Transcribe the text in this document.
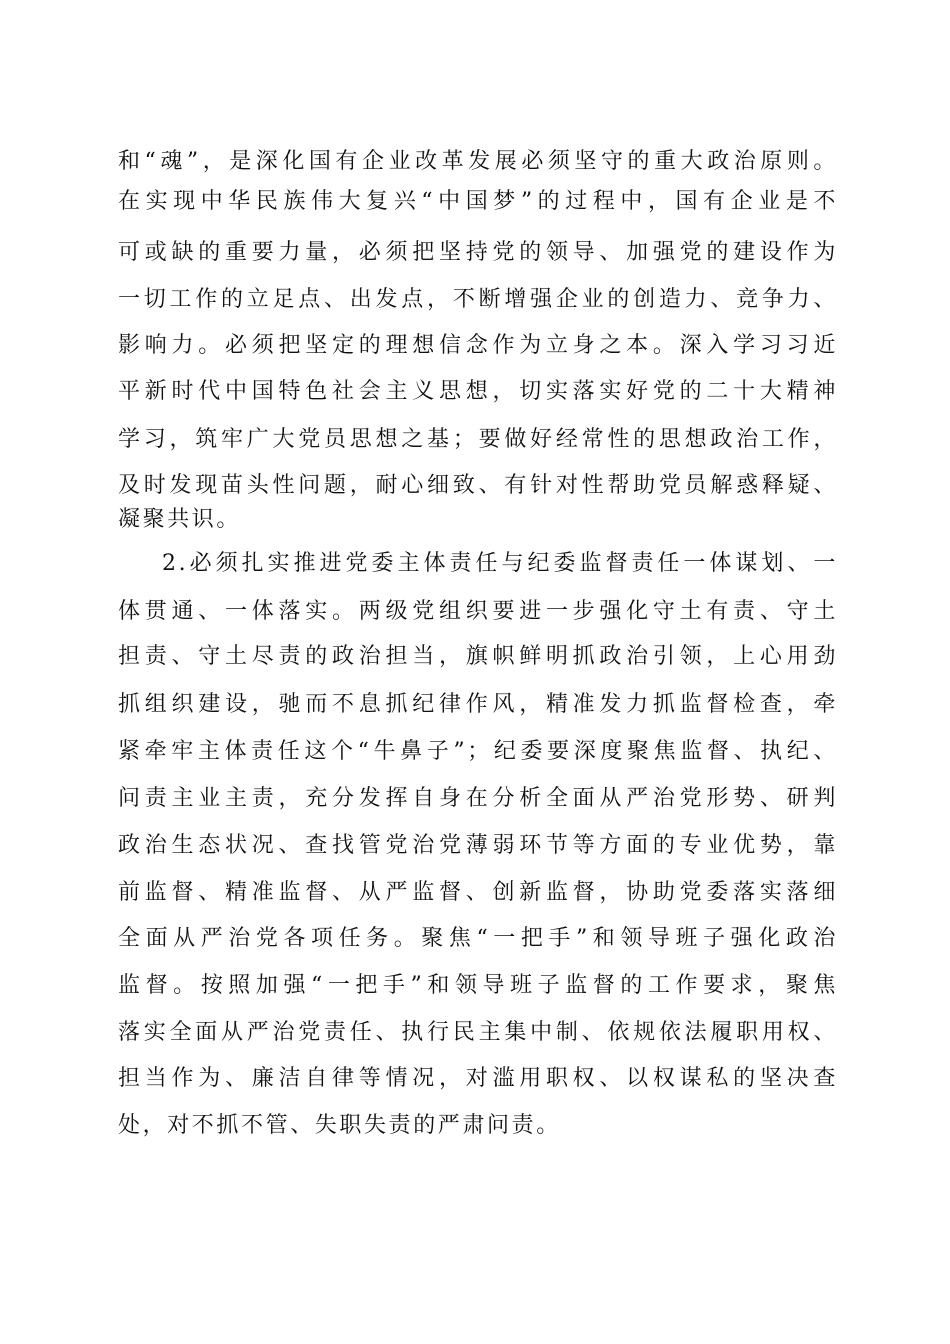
和“魂”，是深化国有企业改革发展必须坚守的重大政治原则。
在实现中华民族伟大复兴“中国梦”的过程中，国有企业是不
可或缺的重要力量，必须把坚持党的领导、加强党的建设作为
一切工作的立足点、出发点，不断增强企业的创造力、竞争力、
影响力。必须把坚定的理想信念作为立身之本。深入学习习近
平新时代中国特色社会主义思想，切实落实好党的二十大精神
学习，筑牢广大党员思想之基；要做好经常性的思想政治工作，
及时发现苗头性问题，耐心细致、有针对性帮助党员解惑释疑、
凝聚共识。
2.必须扎实推进党委主体责任与纪委监督责任一体谋划、一
体贯通、一体落实。两级党组织要进一步强化守土有责、守土
担责、守土尽责的政治担当，旗帜鲜明抓政治引领，上心用劲
抓组织建设，驰而不息抓纪律作风，精准发力抓监督检查，牵
紧牵牢主体责任这个“牛鼻子”；纪委要深度聚焦监督、执纪、
问责主业主责，充分发挥自身在分析全面从严治党形势、研判
政治生态状况、查找管党治党薄弱环节等方面的专业优势，靠
前监督、精准监督、从严监督、创新监督，协助党委落实落细
全面从严治党各项任务。聚焦“一把手”和领导班子强化政治
监督。按照加强“一把手”和领导班子监督的工作要求，聚焦
落实全面从严治党责任、执行民主集中制、依规依法履职用权、
担当作为、廉洁自律等情况，对滥用职权、以权谋私的坚决查
处，对不抓不管、失职失责的严肃问责。
